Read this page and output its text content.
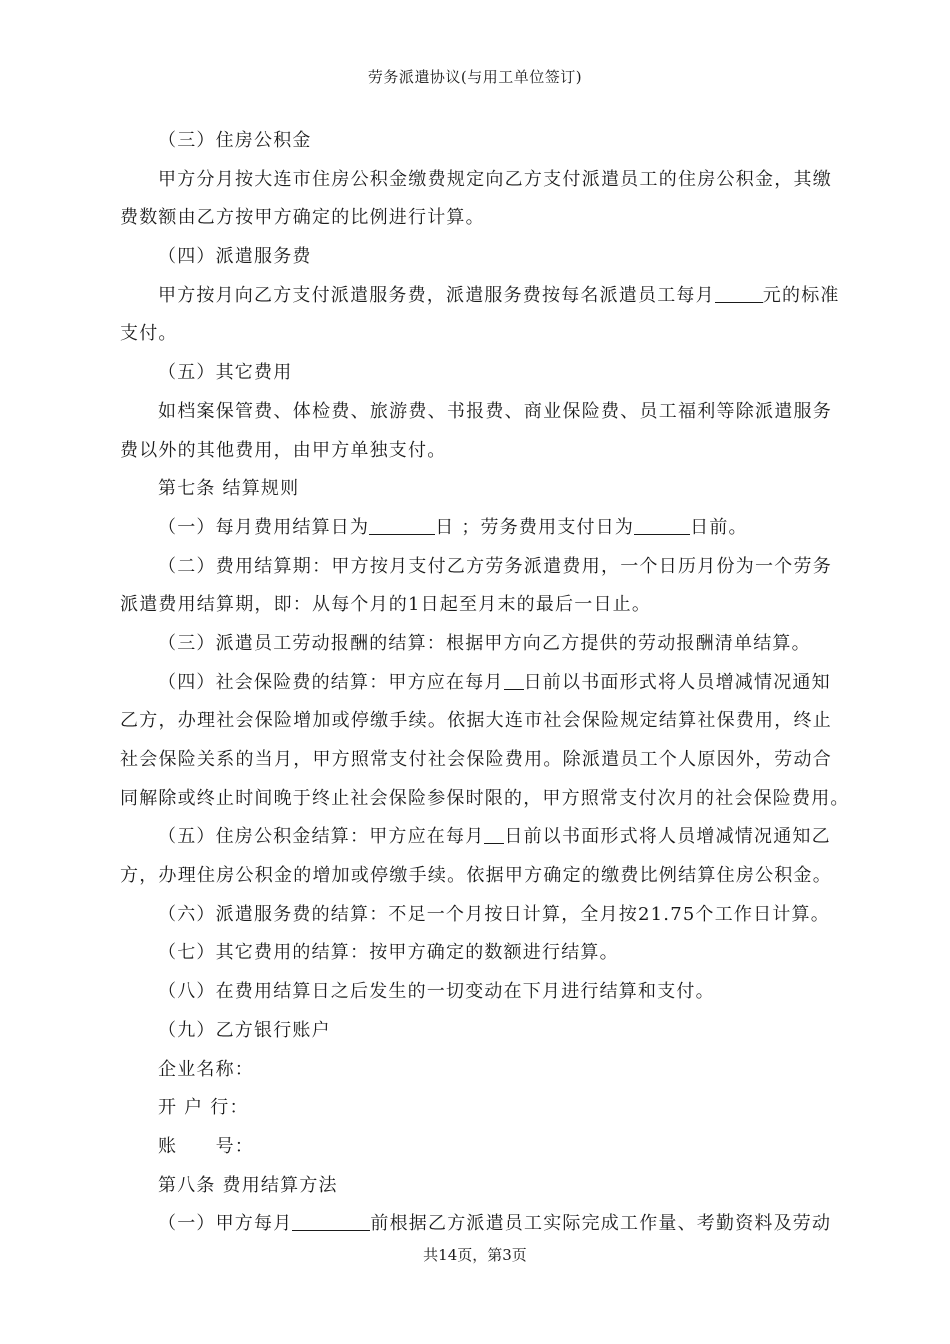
劳务派遣协议(与用工单位签订)
（三）住房公积金
甲方分月按大连市住房公积金缴费规定向乙方支付派遣员工的住房公积金，其缴
费数额由乙方按甲方确定的比例进行计算。
（四）派遣服务费
甲方按月向乙方支付派遣服务费，派遣服务费按每名派遣员工每月	元的标准
支付。
（五）其它费用
如档案保管费、体检费、旅游费、书报费、商业保险费、员工福利等除派遣服务
费以外的其他费用，由甲方单独支付。
第七条 结算规则
（一）每月费用结算日为	日 ；劳务费用支付日为	日前。
（二）费用结算期：甲方按月支付乙方劳务派遣费用，一个日历月份为一个劳务
派遣费用结算期，即：从每个月的1日起至月末的最后一日止。
（三）派遣员工劳动报酬的结算：根据甲方向乙方提供的劳动报酬清单结算。
（四）社会保险费的结算：甲方应在每月 日前以书面形式将人员增减情况通知
乙方，办理社会保险增加或停缴手续。依据大连市社会保险规定结算社保费用，终止
社会保险关系的当月，甲方照常支付社会保险费用。除派遣员工个人原因外，劳动合
同解除或终止时间晚于终止社会保险参保时限的，甲方照常支付次月的社会保险费用。
（五）住房公积金结算：甲方应在每月 日前以书面形式将人员增减情况通知乙
方，办理住房公积金的增加或停缴手续。依据甲方确定的缴费比例结算住房公积金。
（六）派遣服务费的结算：不足一个月按日计算，全月按21.75个工作日计算。
（七）其它费用的结算：按甲方确定的数额进行结算。
（八）在费用结算日之后发生的一切变动在下月进行结算和支付。
（九）乙方银行账户
企业名称：
开 户 行：
账　　号：
第八条 费用结算方法
（一）甲方每月	前根据乙方派遣员工实际完成工作量、考勤资料及劳动
共14页，第3页
